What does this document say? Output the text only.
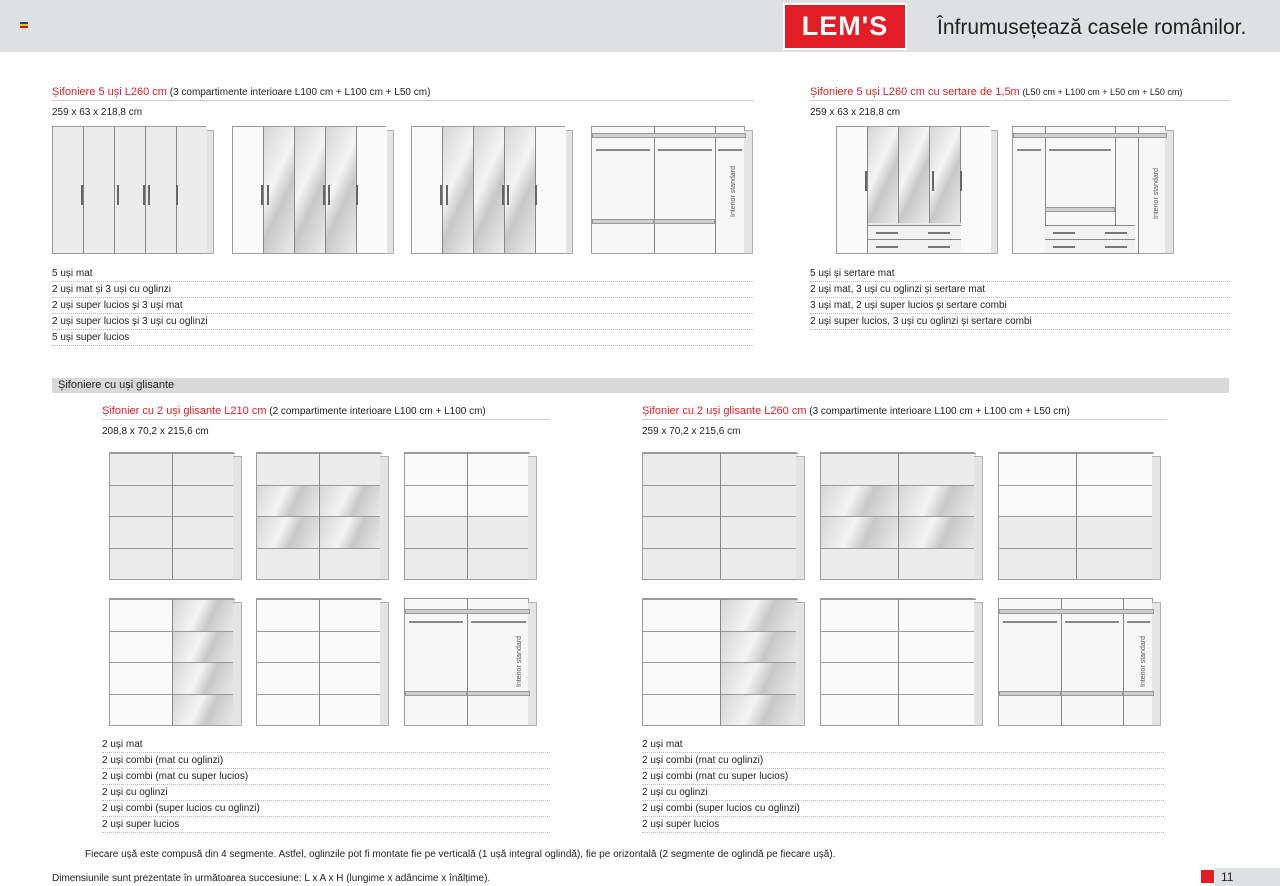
LEM'S	Înfrumusețează casele românilor.
Șifoniere 5 uși L260 cm (3 compartimente interioare L100 cm + L100 cm + L50 cm)
259 x 63 x 218,8 cm
Interior standard
5 uși mat
2 uși mat și 3 uși cu oglinzi
2 uși super lucios și 3 uși mat
2 uși super lucios și 3 uși cu oglinzi
5 uși super lucios
Șifoniere 5 uși L260 cm cu sertare de 1,5m (L50 cm + L100 cm + L50 cm + L50 cm)
259 x 63 x 218,8 cm
Interior standard
5 uși și sertare mat
2 uși mat, 3 uși cu oglinzi și sertare mat
3 uși mat, 2 uși super lucios și sertare combi
2 uși super lucios, 3 uși cu oglinzi și sertare combi
Șifoniere cu uși glisante
Șifonier cu 2 uși glisante L210 cm (2 compartimente interioare L100 cm + L100 cm)
208,8 x 70,2 x 215,6 cm
2 uși mat
2 uși combi (mat cu oglinzi)
2 uși combi (mat cu super lucios)
2 uși cu oglinzi
2 uși combi (super lucios cu oglinzi)
2 uși super lucios
Șifonier cu 2 uși glisante L260 cm (3 compartimente interioare L100 cm + L100 cm + L50 cm)
259 x 70,2 x 215,6 cm
2 uși mat
2 uși combi (mat cu oglinzi)
2 uși combi (mat cu super lucios)
2 uși cu oglinzi
2 uși combi (super lucios cu oglinzi)
2 uși super lucios
Fiecare ușă este compusă din 4 segmente. Astfel, oglinzile pot fi montate fie pe verticală (1 ușă integral oglindă), fie pe orizontală (2 segmente de oglindă pe fiecare ușă).
Dimensiunile sunt prezentate în următoarea succesiune: L x A x H (lungime x adâncime x înălțime).	11
Interior standard	Interior standard
